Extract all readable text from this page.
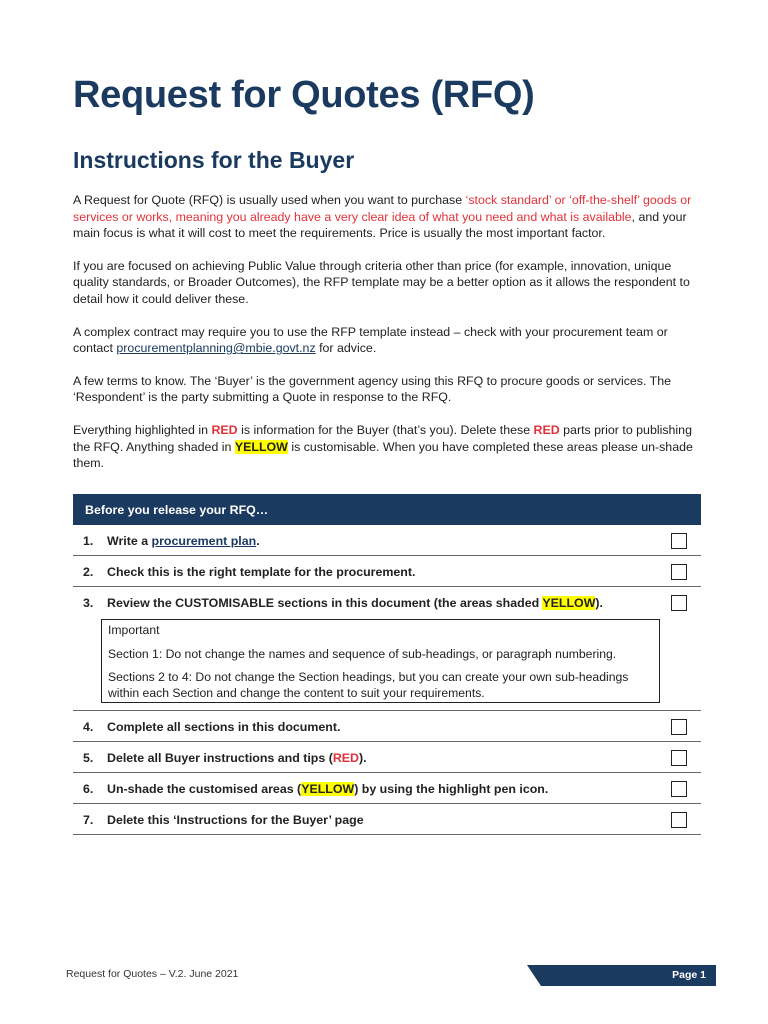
Request for Quotes (RFQ)
Instructions for the Buyer

A Request for Quote (RFQ) is usually used when you want to purchase ‘stock standard’ or ‘off-the-shelf’ goods or services or works, meaning you already have a very clear idea of what you need and what is available, and your main focus is what it will cost to meet the requirements. Price is usually the most important factor.

If you are focused on achieving Public Value through criteria other than price (for example, innovation, unique quality standards, or Broader Outcomes), the RFP template may be a better option as it allows the respondent to detail how it could deliver these.

A complex contract may require you to use the RFP template instead – check with your procurement team or contact procurementplanning@mbie.govt.nz for advice.

A few terms to know. The ‘Buyer’ is the government agency using this RFQ to procure goods or services. The ‘Respondent’ is the party submitting a Quote in response to the RFQ.

Everything highlighted in RED is information for the Buyer (that’s you). Delete these RED parts prior to publishing the RFQ. Anything shaded in YELLOW is customisable. When you have completed these areas please un-shade them.

Before you release your RFQ…
1.	Write a procurement plan.
2.	Check this is the right template for the procurement.
3.	Review the CUSTOMISABLE sections in this document (the areas shaded YELLOW).
Important
Section 1: Do not change the names and sequence of sub-headings, or paragraph numbering.
Sections 2 to 4: Do not change the Section headings, but you can create your own sub-headings within each Section and change the content to suit your requirements.
4.	Complete all sections in this document.
5.	Delete all Buyer instructions and tips (RED).
6.	Un-shade the customised areas (YELLOW) by using the highlight pen icon.
7.	Delete this ‘Instructions for the Buyer’ page
Request for Quotes – V.2. June 2021	Page 1
